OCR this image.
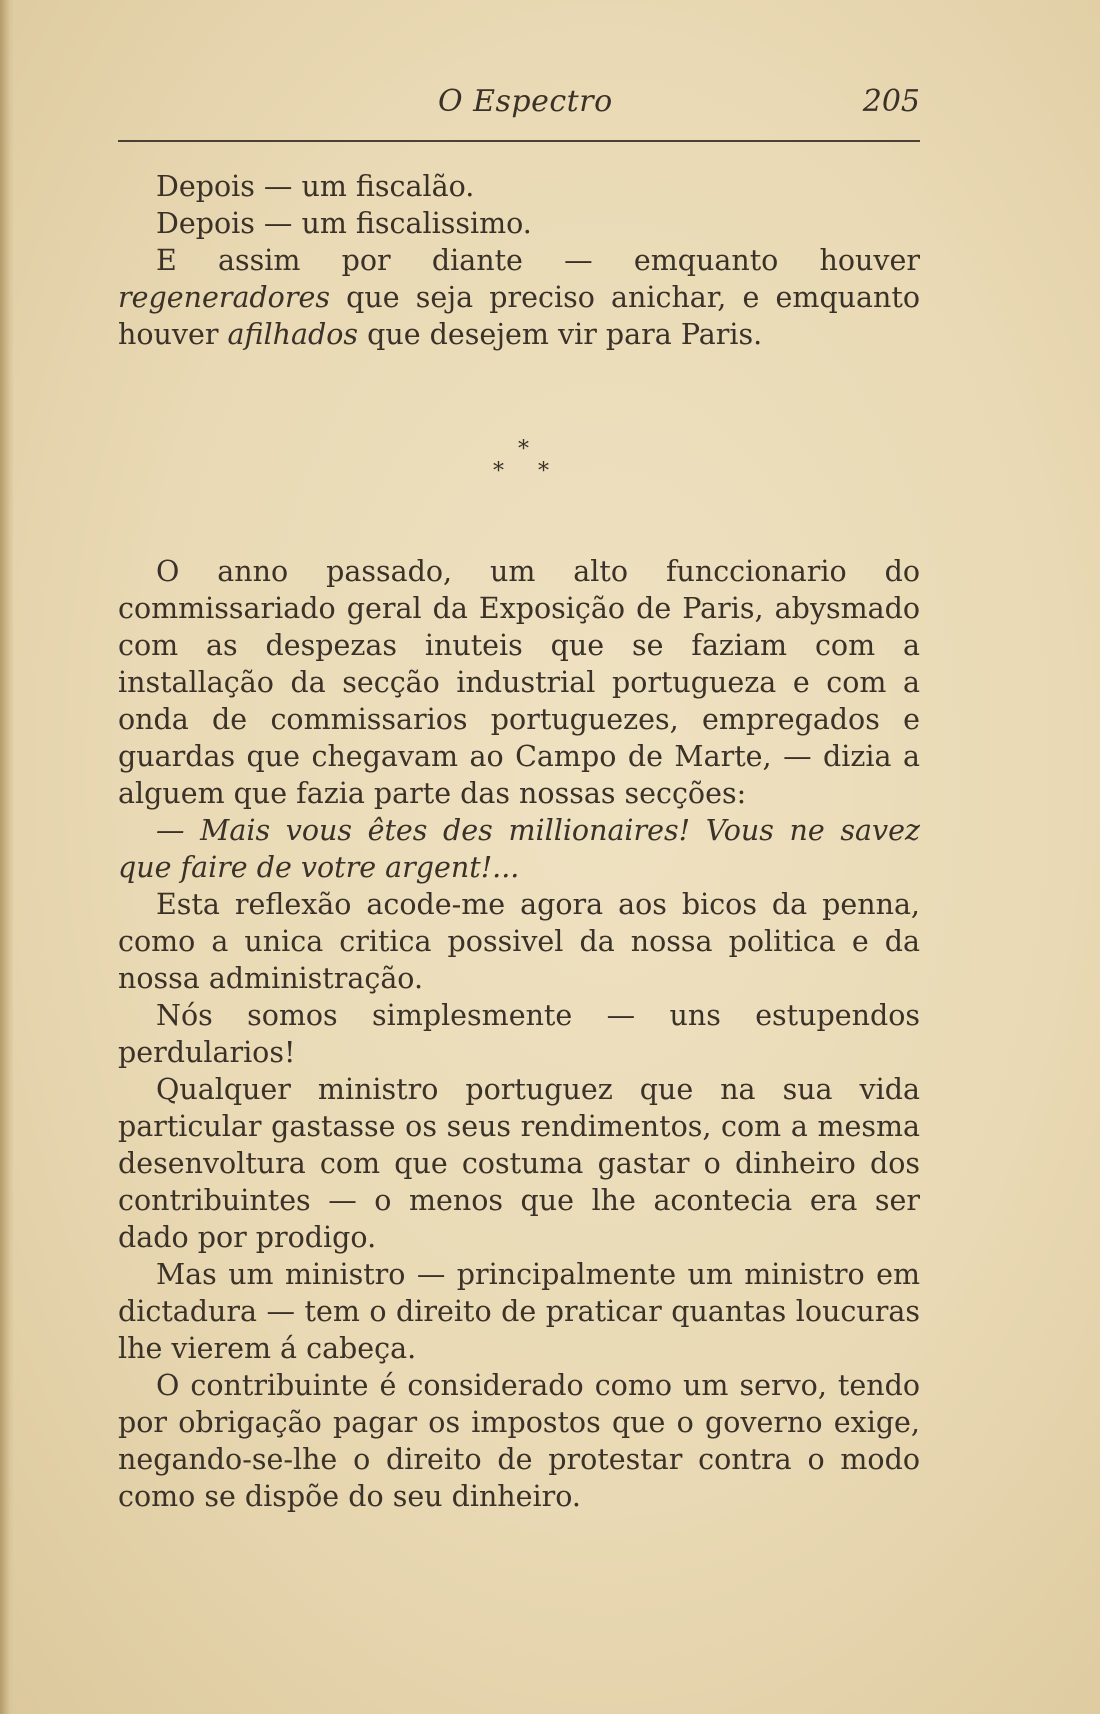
O Espectro	205

Depois — um fiscalão.

Depois — um fiscalissimo.

E assim por diante — emquanto houver regeneradores que seja preciso anichar, e emquanto houver afilhados que desejem vir para Paris.

*
* *

O anno passado, um alto funccionario do commissariado geral da Exposição de Paris, abysmado com as despezas inuteis que se faziam com a installação da secção industrial portugueza e com a onda de commissarios portuguezes, empregados e guardas que chegavam ao Campo de Marte, — dizia a alguem que fazia parte das nossas secções:

— Mais vous êtes des millionaires! Vous ne savez que faire de votre argent!...

Esta reflexão acode-me agora aos bicos da penna, como a unica critica possivel da nossa politica e da nossa administração.

Nós somos simplesmente — uns estupendos perdularios!

Qualquer ministro portuguez que na sua vida particular gastasse os seus rendimentos, com a mesma desenvoltura com que costuma gastar o dinheiro dos contribuintes — o menos que lhe acontecia era ser dado por prodigo.

Mas um ministro — principalmente um ministro em dictadura — tem o direito de praticar quantas loucuras lhe vierem á cabeça.

O contribuinte é considerado como um servo, tendo por obrigação pagar os impostos que o governo exige, negando-se-lhe o direito de protestar contra o modo como se dispõe do seu dinheiro.
